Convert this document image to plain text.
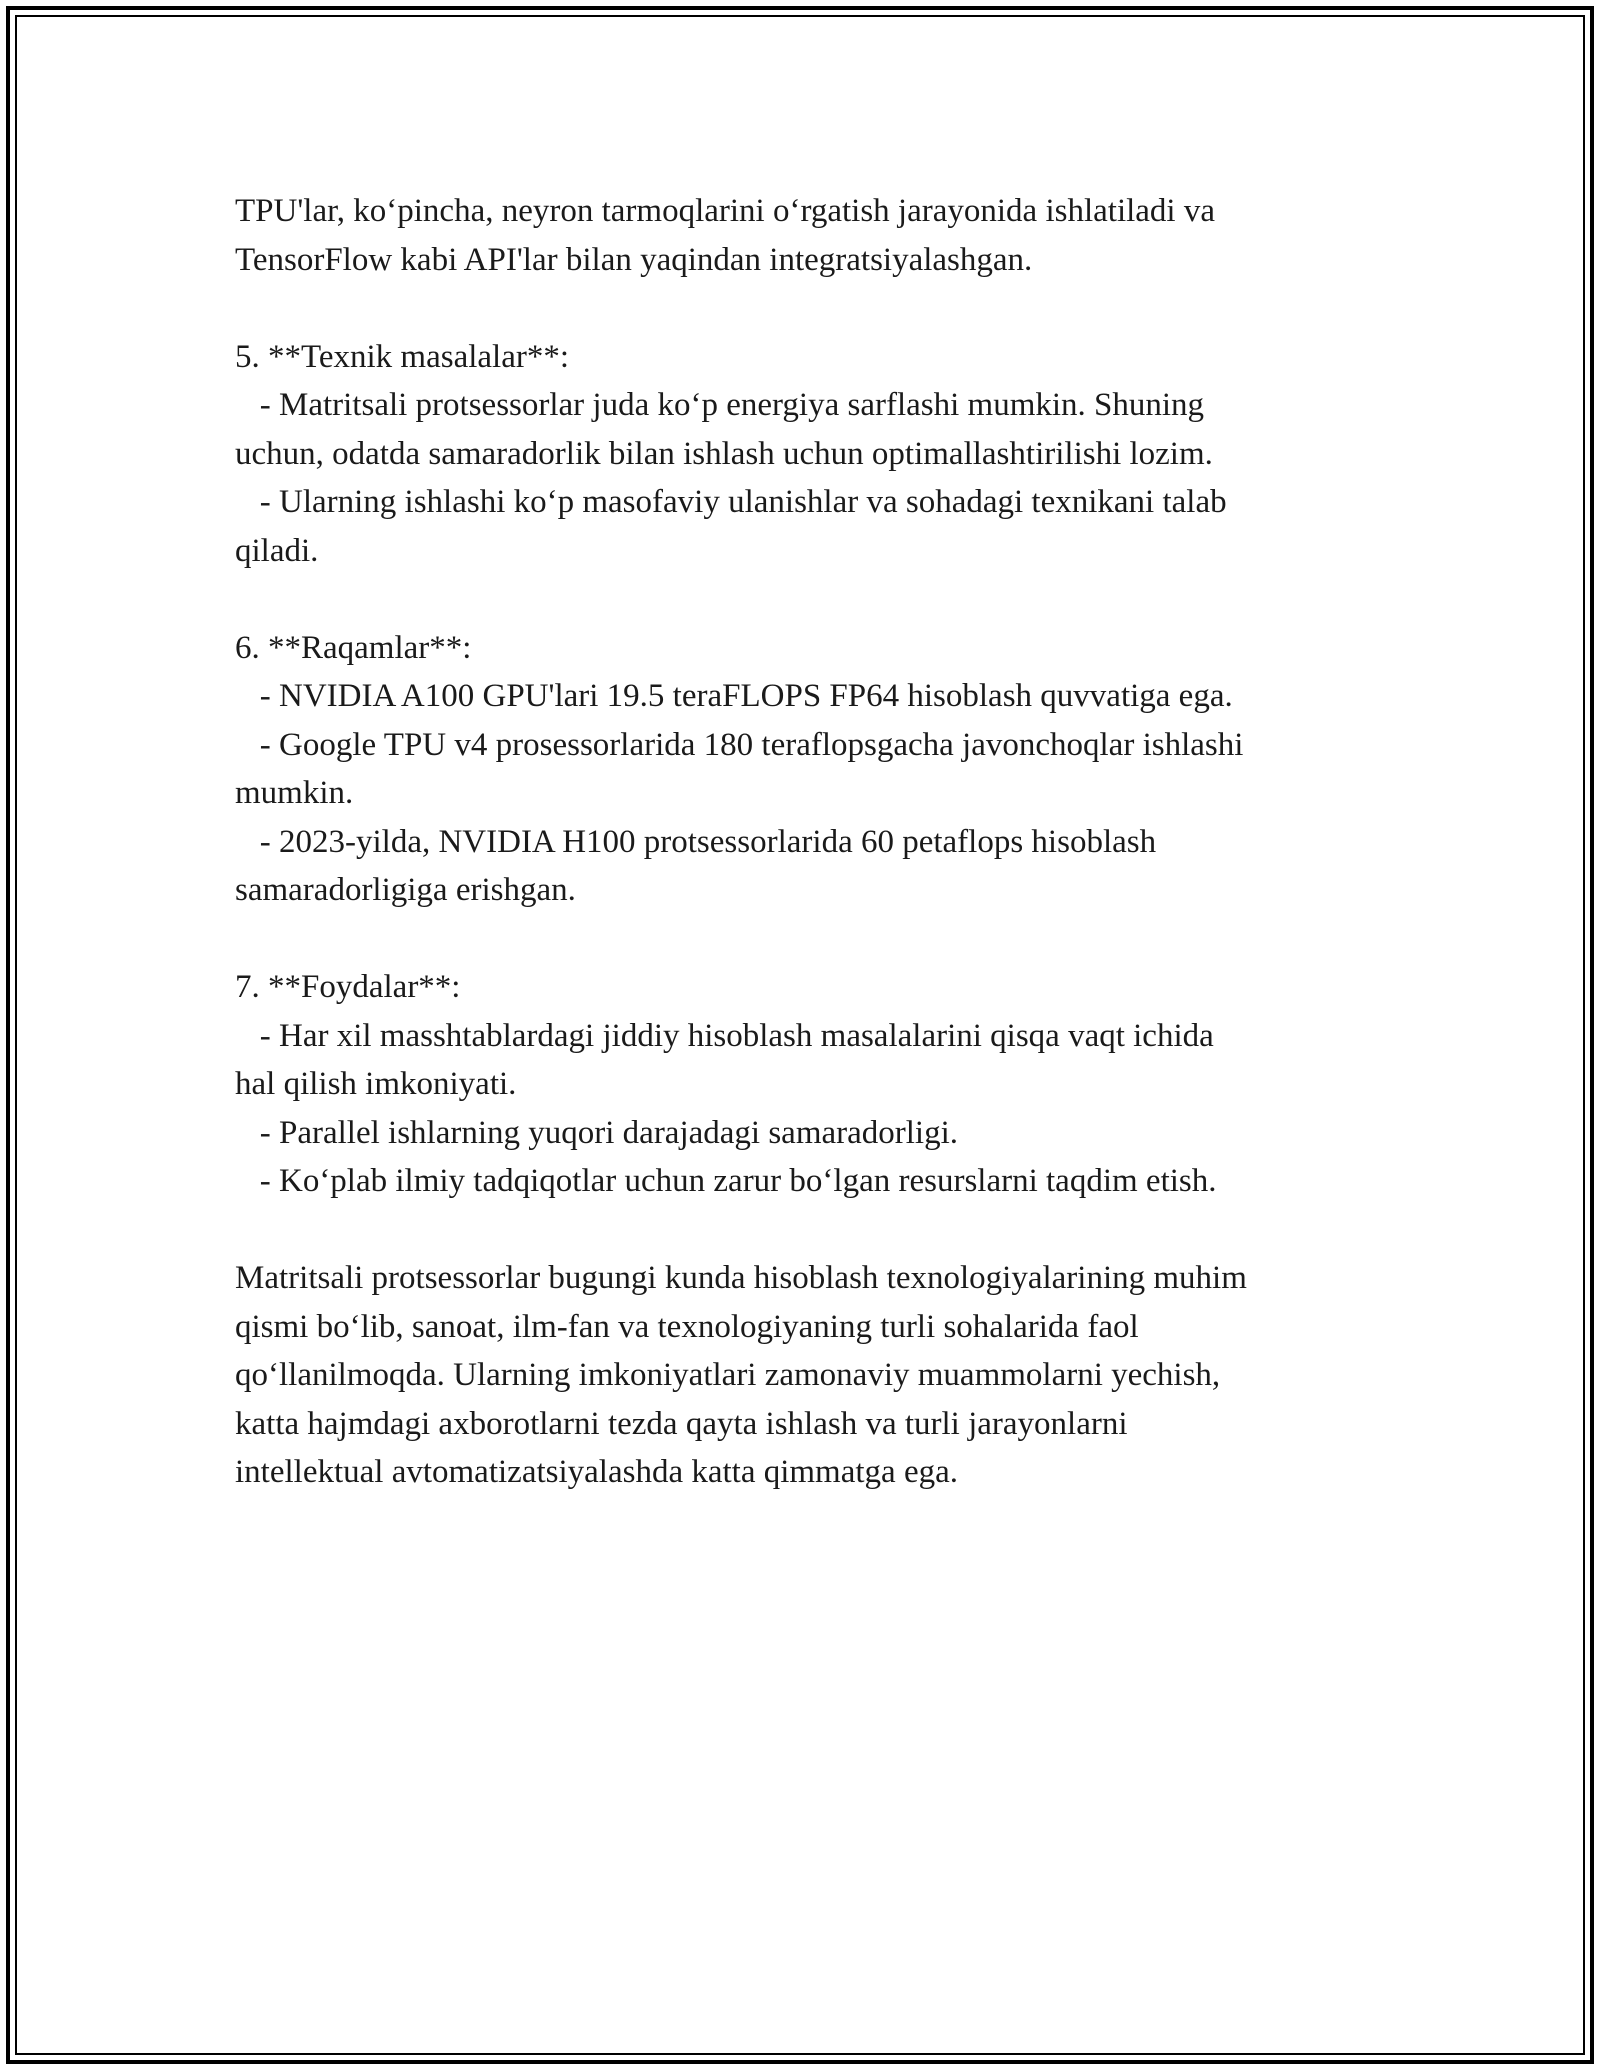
TPU'lar, ko‘pincha, neyron tarmoqlarini o‘rgatish jarayonida ishlatiladi va

TensorFlow kabi API'lar bilan yaqindan integratsiyalashgan.

5. **Texnik masalalar**:

- Matritsali protsessorlar juda ko‘p energiya sarflashi mumkin. Shuning

uchun, odatda samaradorlik bilan ishlash uchun optimallashtirilishi lozim.

- Ularning ishlashi ko‘p masofaviy ulanishlar va sohadagi texnikani talab

qiladi.

6. **Raqamlar**:

- NVIDIA A100 GPU'lari 19.5 teraFLOPS FP64 hisoblash quvvatiga ega.

- Google TPU v4 prosessorlarida 180 teraflopsgacha javonchoqlar ishlashi

mumkin.

- 2023-yilda, NVIDIA H100 protsessorlarida 60 petaflops hisoblash

samaradorligiga erishgan.

7. **Foydalar**:

- Har xil masshtablardagi jiddiy hisoblash masalalarini qisqa vaqt ichida

hal qilish imkoniyati.

- Parallel ishlarning yuqori darajadagi samaradorligi.

- Ko‘plab ilmiy tadqiqotlar uchun zarur bo‘lgan resurslarni taqdim etish.

Matritsali protsessorlar bugungi kunda hisoblash texnologiyalarining muhim

qismi bo‘lib, sanoat, ilm-fan va texnologiyaning turli sohalarida faol

qo‘llanilmoqda. Ularning imkoniyatlari zamonaviy muammolarni yechish,

katta hajmdagi axborotlarni tezda qayta ishlash va turli jarayonlarni

intellektual avtomatizatsiyalashda katta qimmatga ega.
